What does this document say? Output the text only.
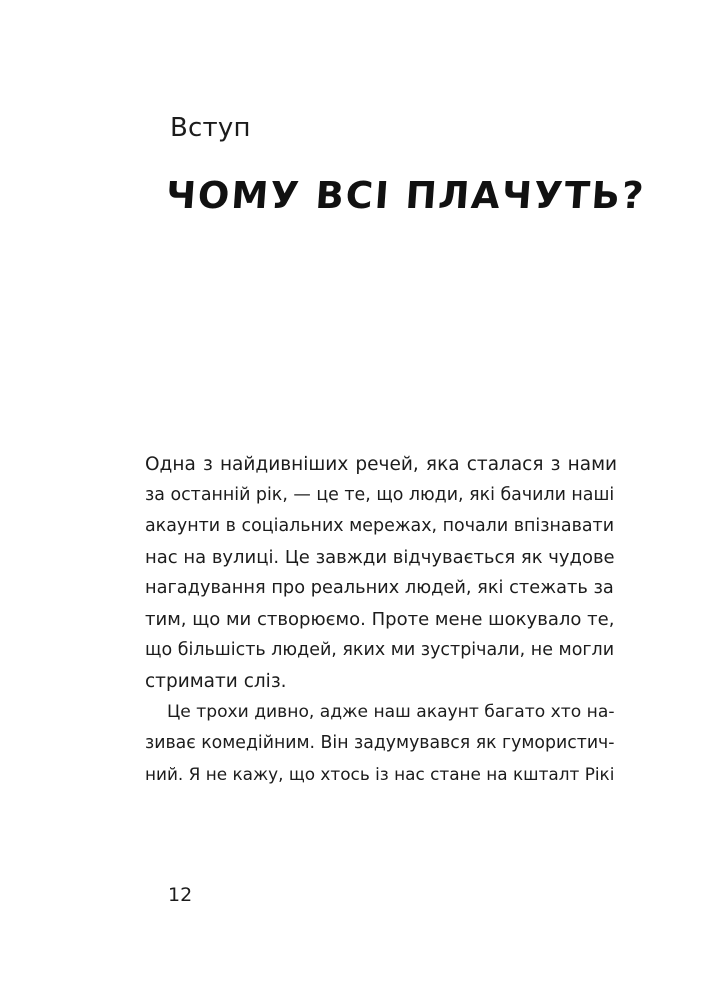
Вступ
ЧОМУ ВСІ ПЛАЧУТЬ?
Одна з найдивніших речей, яка сталася з нами
за останній рік, — це те, що люди, які бачили наші
акаунти в соціальних мережах, почали впізнавати
нас на вулиці. Це завжди відчувається як чудове
нагадування про реальних людей, які стежать за
тим, що ми створюємо. Проте мене шокувало те,
що більшість людей, яких ми зустрічали, не могли
стримати сліз.
Це трохи дивно, адже наш акаунт багато хто на-
зиває комедійним. Він задумувався як гумористич-
ний. Я не кажу, що хтось із нас стане на кшталт Рікі
12
